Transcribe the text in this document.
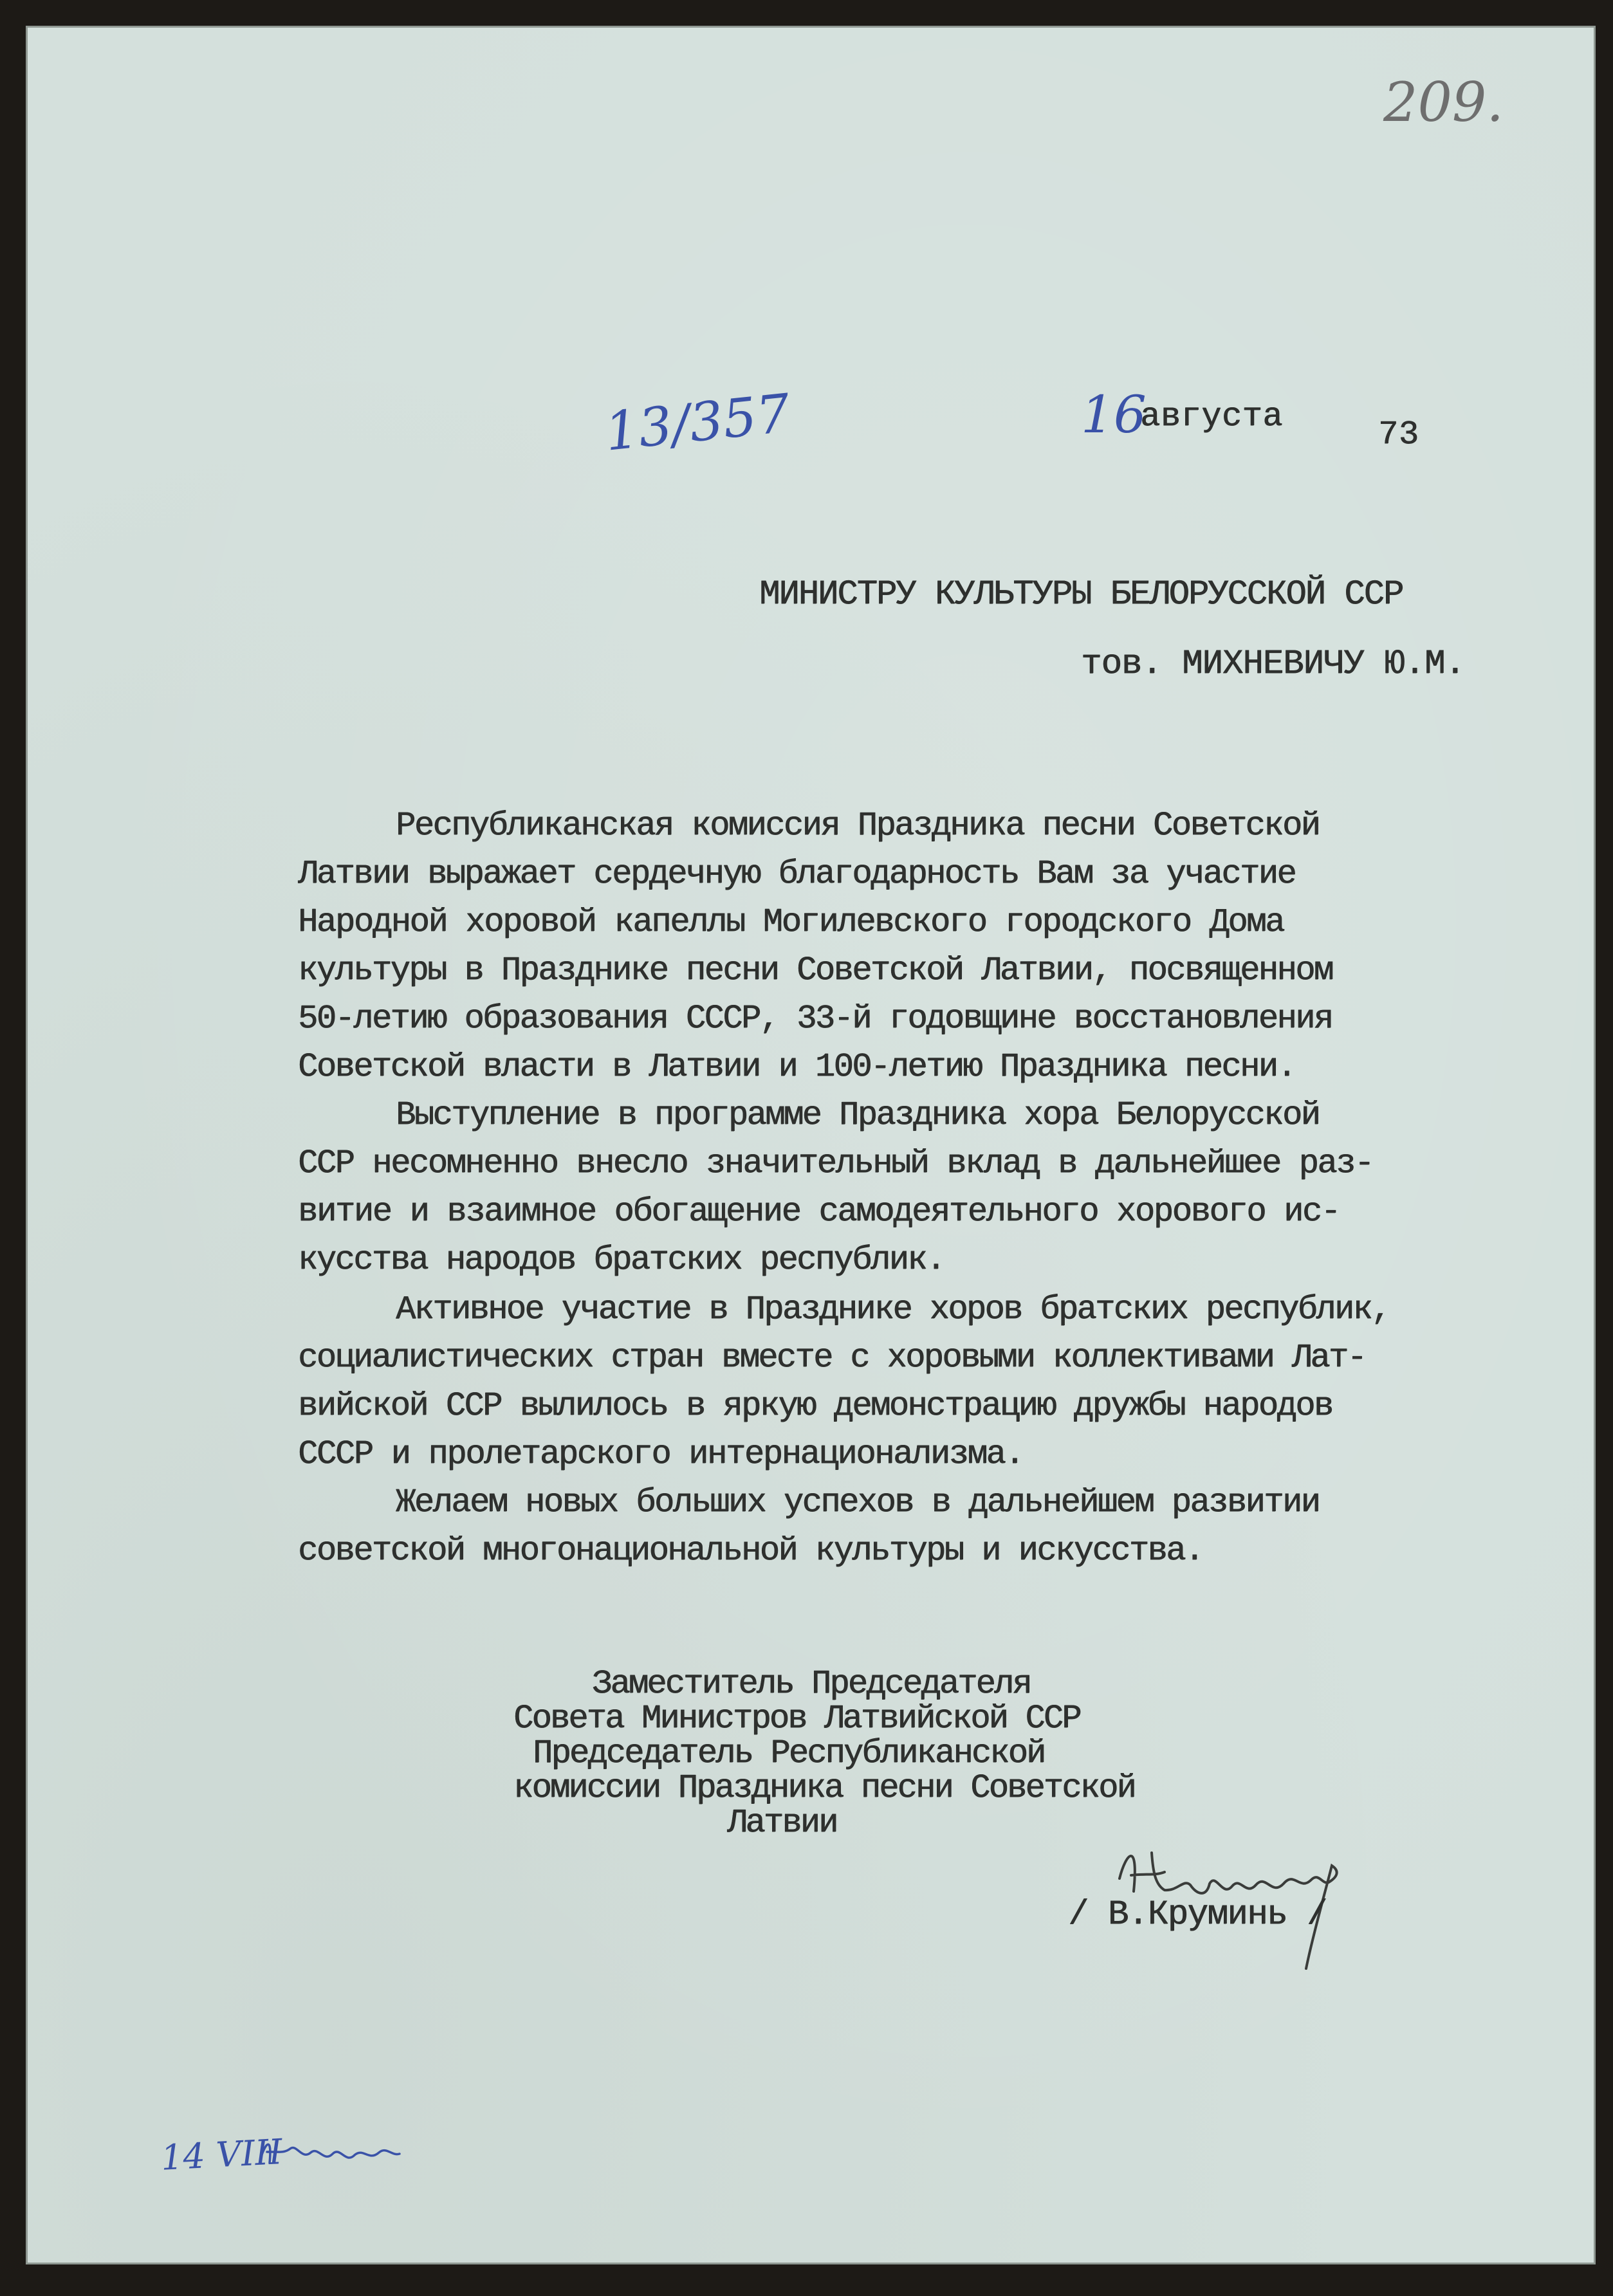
209.
13/357	16
августа	73
МИНИСТРУ КУЛЬТУРЫ БЕЛОРУССКОЙ ССР
тов. МИХНЕВИЧУ Ю.М.
Республиканская комиссия Праздника песни Советской
Латвии выражает сердечную благодарность Вам за участие
Народной хоровой капеллы Могилевского городского Дома
культуры в Празднике песни Советской Латвии, посвященном
50-летию образования СССР, 33-й годовщине восстановления
Советской власти в Латвии и 100-летию Праздника песни.
Выступление в программе Праздника хора Белорусской
ССР несомненно внесло значительный вклад в дальнейшее раз-
витие и взаимное обогащение самодеятельного хорового ис-
кусства народов братских республик.
Активное участие в Празднике хоров братских республик,
социалистических стран вместе с хоровыми коллективами Лат-
вийской ССР вылилось в яркую демонстрацию дружбы народов
СССР и пролетарского интернационализма.
Желаем новых больших успехов в дальнейшем развитии
советской многонациональной культуры и искусства.
Заместитель Председателя
Совета Министров Латвийской ССР
Председатель Республиканской
комиссии Праздника песни Советской
Латвии
/ В.Круминь /
14 VIII
